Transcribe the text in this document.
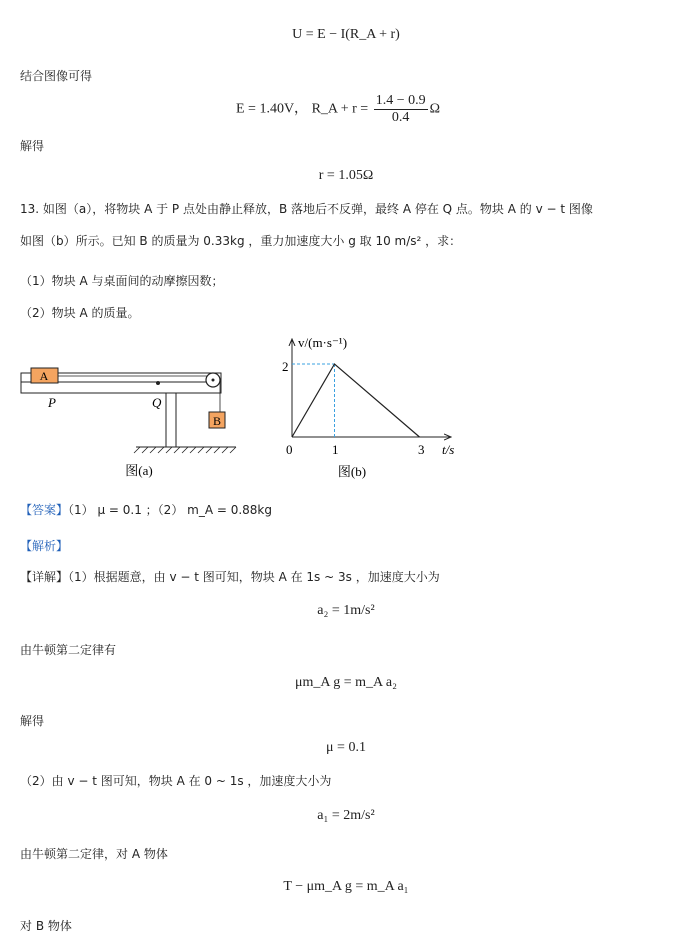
U = E − I(R_A + r)
结合图像可得
E = 1.40V， R_A + $r = \frac{1.4 - 0.9}{0.4}$ Ω
解得
r = 1.05Ω
13. 如图（a），将物块 A 于 P 点处由静止释放，B 落地后不反弹，最终 A 停在 Q 点。物块 A 的 v − t 图像
如图（b）所示。已知 B 的质量为 0.33kg ，重力加速度大小 g 取 10 m/s² ，求：
（1）物块 A 与桌面间的动摩擦因数；
（2）物块 A 的质量。
A
B
P	Q
图(a)
v/(m·s⁻¹)
t/s
2
0	1	3
图(b)
【答案】（1） μ = 0.1 ；（2） m_A = 0.88kg
【解析】
【详解】（1）根据题意，由 v − t 图可知，物块 A 在 1s ~ 3s ，加速度大小为
a₂ = 1m/s²
由牛顿第二定律有
μm_A g = m_A a₂
解得
μ = 0.1
（2）由 v − t 图可知，物块 A 在 0 ~ 1s ，加速度大小为
a₁ = 2m/s²
由牛顿第二定律，对 A 物体
T − μm_A g = m_A a₁
对 B 物体
